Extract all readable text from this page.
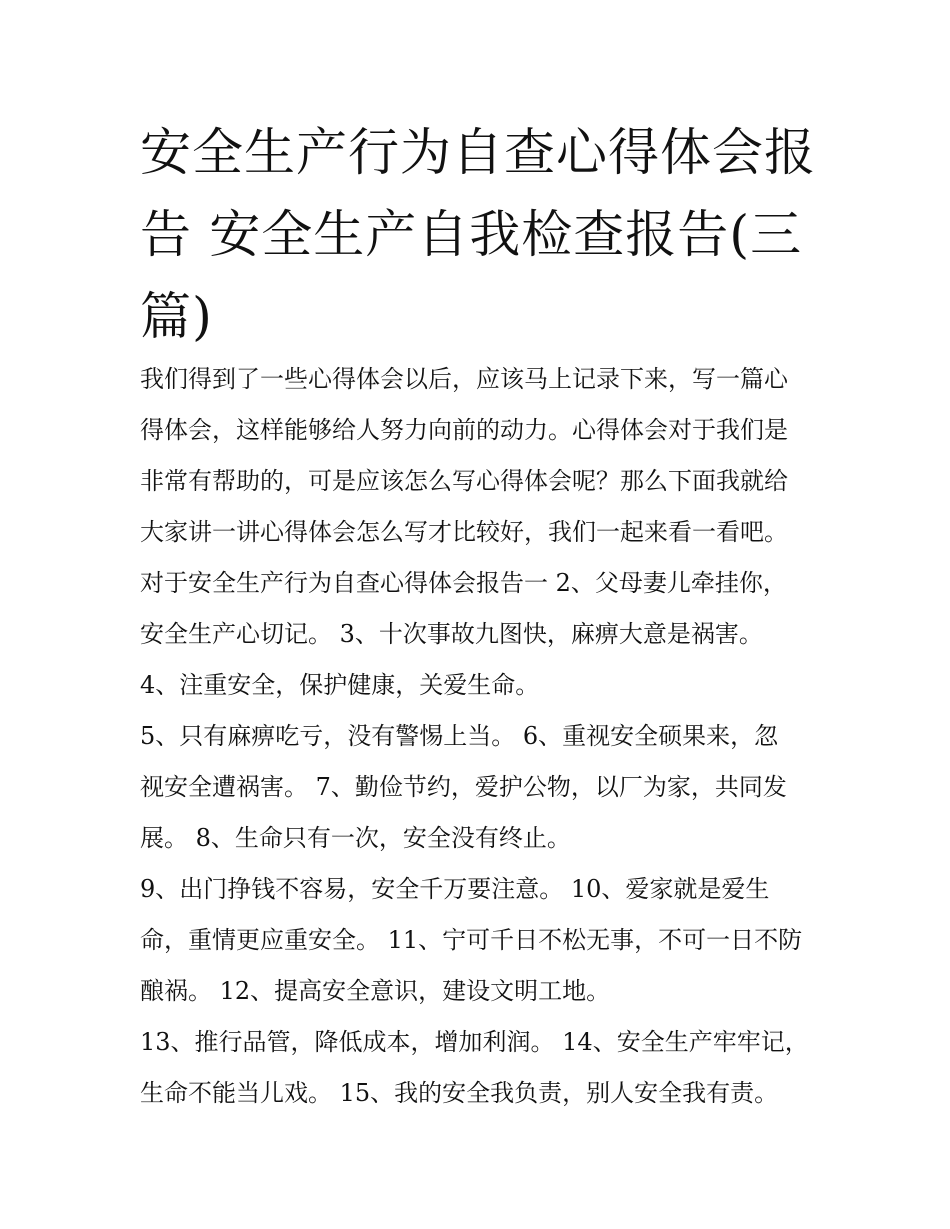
安全生产行为自查心得体会报
告 安全生产自我检查报告(三
篇)

我们得到了一些心得体会以后，应该马上记录下来，写一篇心
得体会，这样能够给人努力向前的动力。心得体会对于我们是
非常有帮助的，可是应该怎么写心得体会呢？那么下面我就给
大家讲一讲心得体会怎么写才比较好，我们一起来看一看吧。
对于安全生产行为自查心得体会报告一 2、父母妻儿牵挂你，
安全生产心切记。 3、十次事故九图快，麻痹大意是祸害。

4、注重安全，保护健康，关爱生命。

5、只有麻痹吃亏，没有警惕上当。 6、重视安全硕果来，忽
视安全遭祸害。 7、勤俭节约，爱护公物，以厂为家，共同发
展。 8、生命只有一次，安全没有终止。

9、出门挣钱不容易，安全千万要注意。 10、爱家就是爱生
命，重情更应重安全。 11、宁可千日不松无事，不可一日不防
酿祸。 12、提高安全意识，建设文明工地。

13、推行品管，降低成本，增加利润。 14、安全生产牢牢记，
生命不能当儿戏。 15、我的安全我负责，别人安全我有责。
